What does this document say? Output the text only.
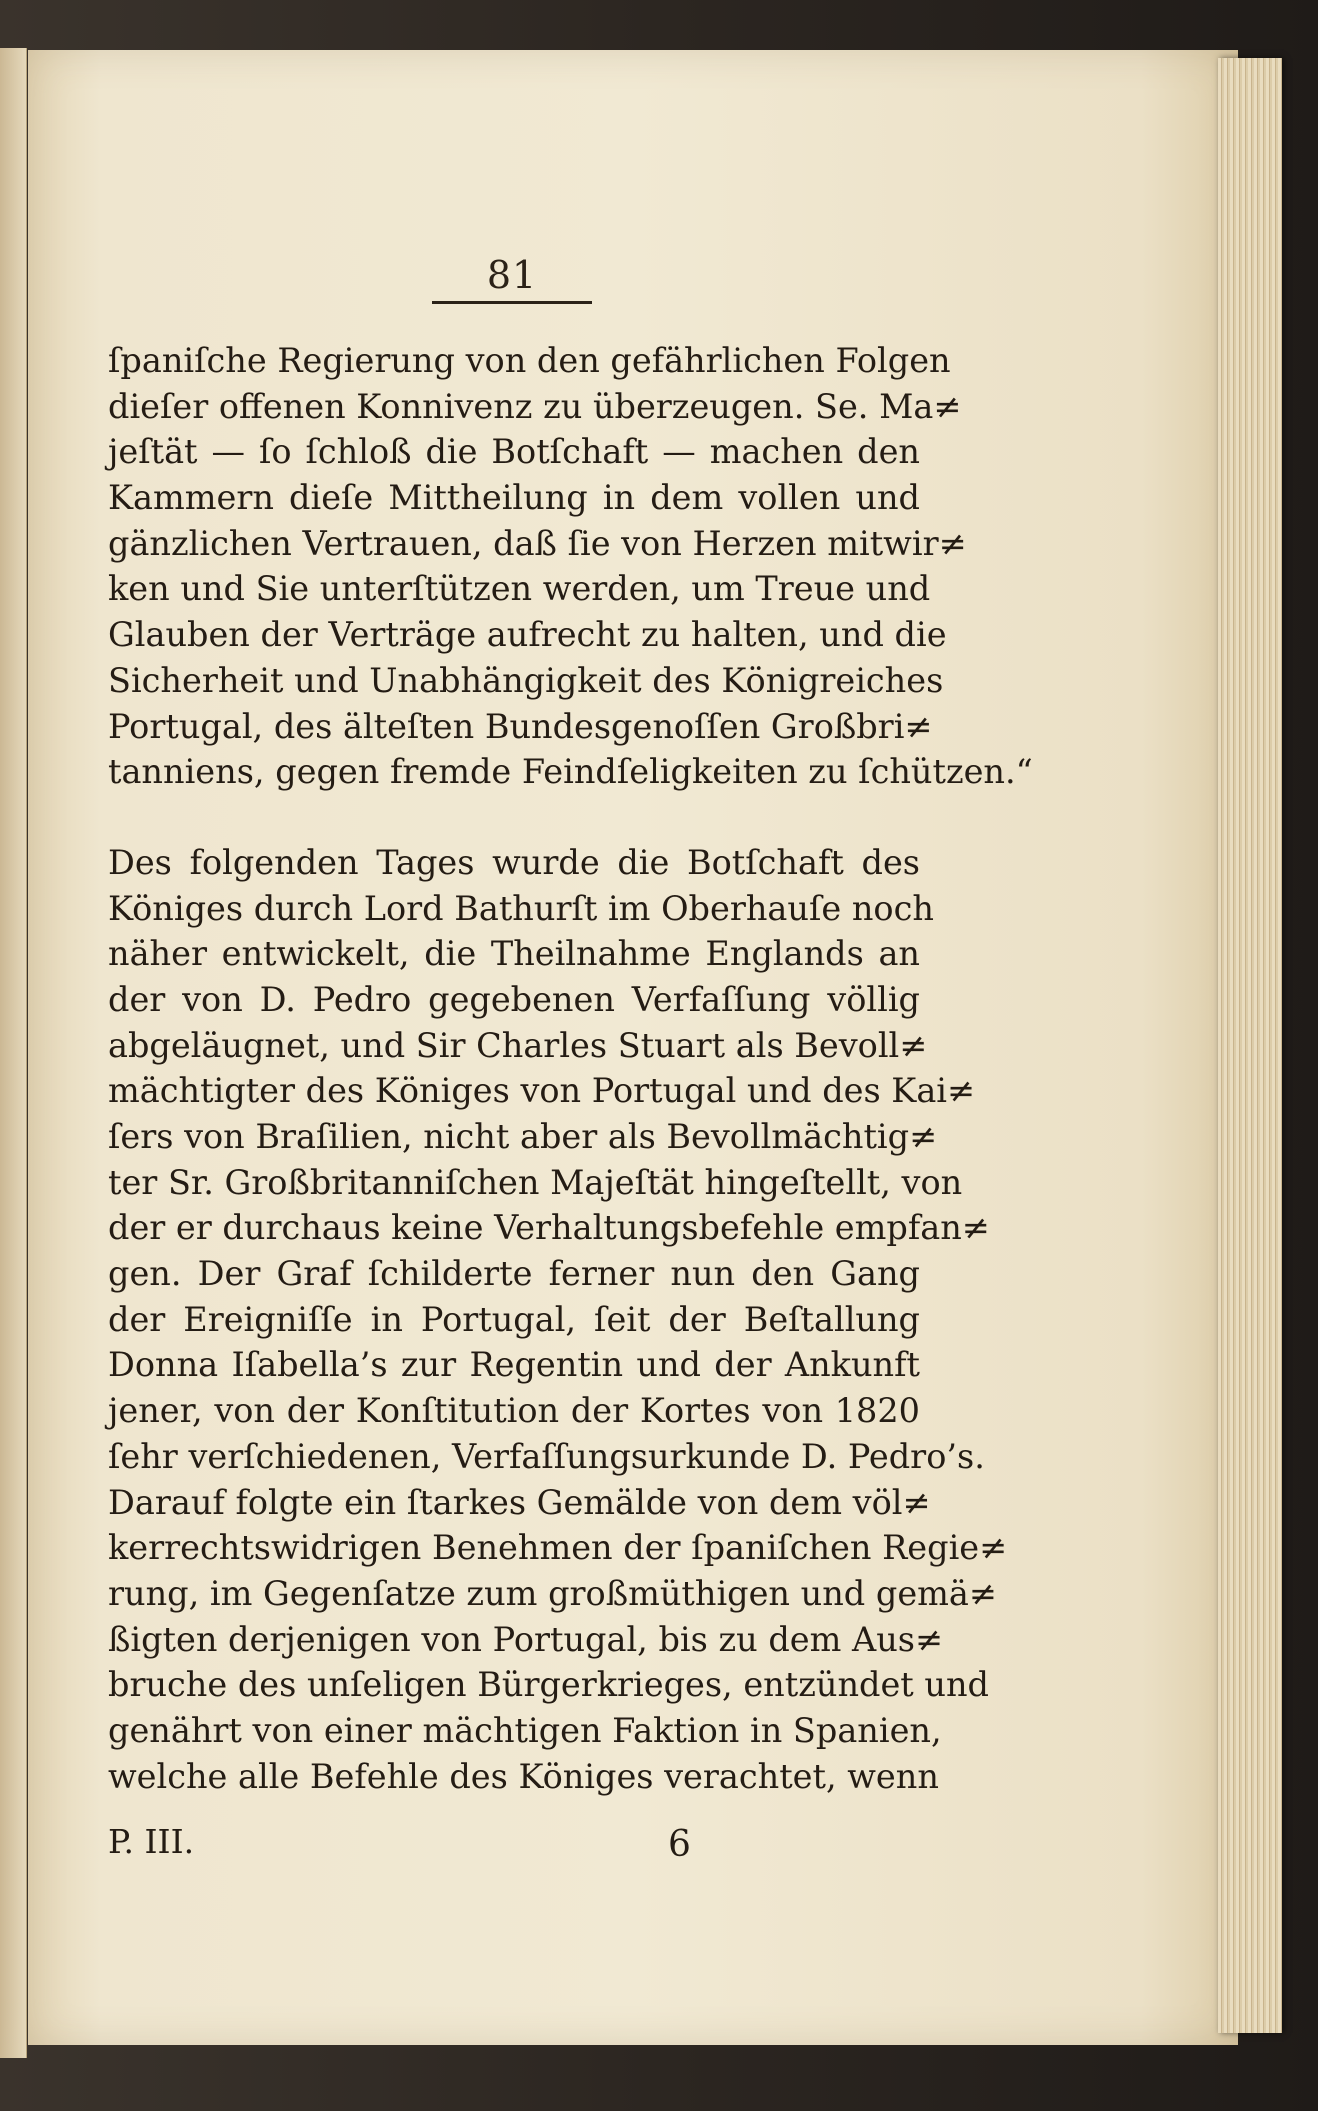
81
ſpaniſche Regierung von den gefährlichen Folgen
dieſer offenen Konnivenz zu überzeugen. Se. Ma≠
jeſtät — ſo ſchloß die Botſchaft — machen den
Kammern dieſe Mittheilung in dem vollen und
gänzlichen Vertrauen, daß ſie von Herzen mitwir≠
ken und Sie unterſtützen werden, um Treue und
Glauben der Verträge aufrecht zu halten, und die
Sicherheit und Unabhängigkeit des Königreiches
Portugal, des älteſten Bundesgenoſſen Großbri≠
tanniens, gegen fremde Feindſeligkeiten zu ſchützen.“
Des folgenden Tages wurde die Botſchaft des
Königes durch Lord Bathurſt im Oberhauſe noch
näher entwickelt, die Theilnahme Englands an
der von D. Pedro gegebenen Verfaſſung völlig
abgeläugnet, und Sir Charles Stuart als Bevoll≠
mächtigter des Königes von Portugal und des Kai≠
ſers von Braſilien, nicht aber als Bevollmächtig≠
ter Sr. Großbritanniſchen Majeſtät hingeſtellt, von
der er durchaus keine Verhaltungsbefehle empfan≠
gen. Der Graf ſchilderte ferner nun den Gang
der Ereigniſſe in Portugal, ſeit der Beſtallung
Donna Iſabella’s zur Regentin und der Ankunft
jener, von der Konſtitution der Kortes von 1820
ſehr verſchiedenen, Verfaſſungsurkunde D. Pedro’s.
Darauf folgte ein ſtarkes Gemälde von dem völ≠
kerrechtswidrigen Benehmen der ſpaniſchen Regie≠
rung, im Gegenſatze zum großmüthigen und gemä≠
ßigten derjenigen von Portugal, bis zu dem Aus≠
bruche des unſeligen Bürgerkrieges, entzündet und
genährt von einer mächtigen Faktion in Spanien,
welche alle Befehle des Königes verachtet, wenn
P. III.	6
